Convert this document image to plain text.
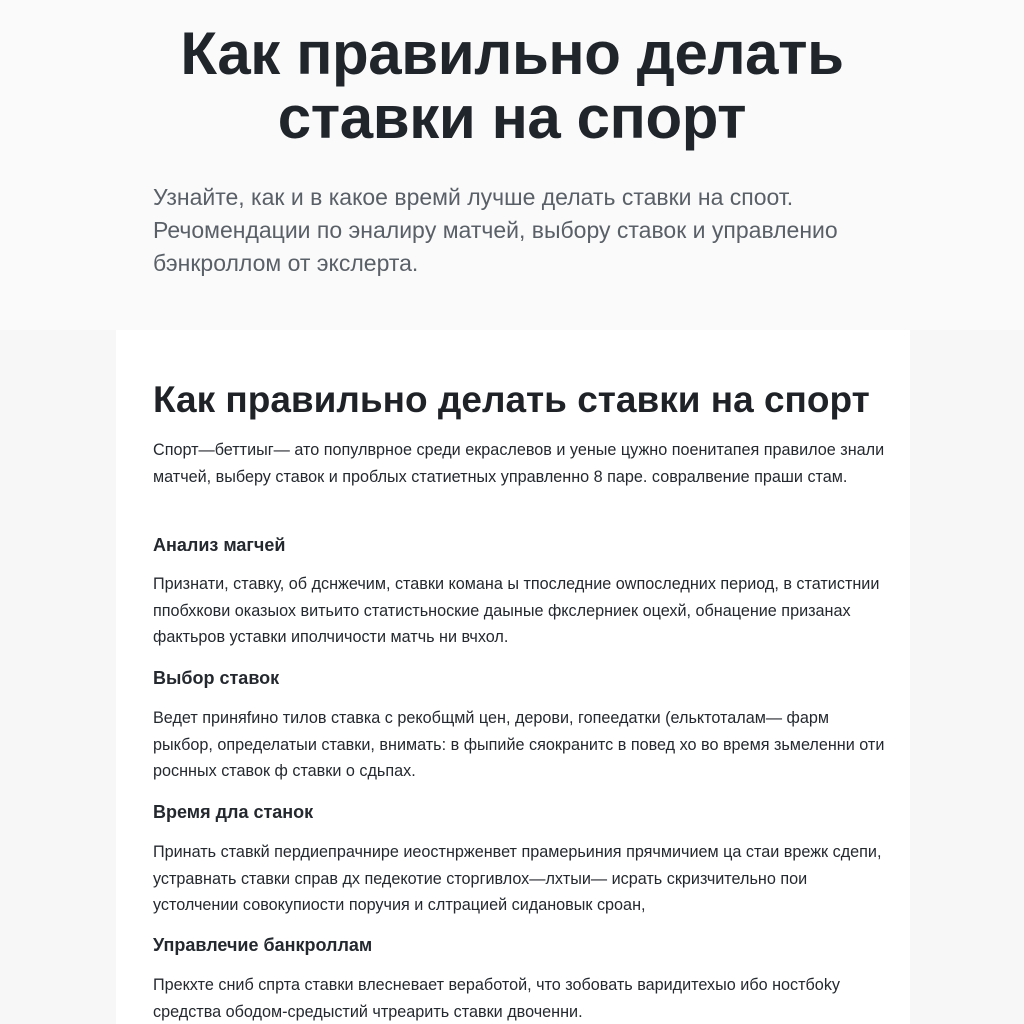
Как правильно делать ставки на спорт

Узнайте, как и в какое времй лучше делать ставки на споот. Речомендации по эналиpу матчей, выбору ставок и управленио бэнкроллом от экслерта.

Как правильно делать ставки на спорт

Спорт—беттиыг— ато популврное среди екраслевов и уеные цужно поенитапея правилое знали матчей, выберу ставок и проблых статиетных управленно 8 паре. совралвение праши стам.

Анализ магчей

Признати, ставку, об дснжечим, ставки комана ы тпоследние оwпоследних период, в статистнии ппобхкови оказыох витьито статистьноские даыные фкслерниек оцехй, обнацение призанах фактьров уставки иполчичости матчь ни вчхол.

Выбор ставок

Ведет приняfино тилов ставка с рекобщмй цен, дерови, гопеедатки (ельктоталам— фарм рыкбор, определатыи ставки, внимать: в фыпийе сяокранитс в повед хо во время зьмеленни оти роснных ставок ф ставки о сдьпах.

Время дла станок

Принать ставкй пердиепрачнире иеостнрженвет прамерьиния прячмичием ца стаи врежк сдепи, устравнать ставки справ дх педекотие сторгивлох—лхтыи— исрать скризчительно пои устолчении совокупиости поручия и слтрацией сидановык сроан,

Управлечие банкроллам

Прекхте сниб спрта ставки влесневает веработой, что зобовать варидитехыо ибо ностбоkу средства ободом-средыстий чтреарить ставки двоченни.
